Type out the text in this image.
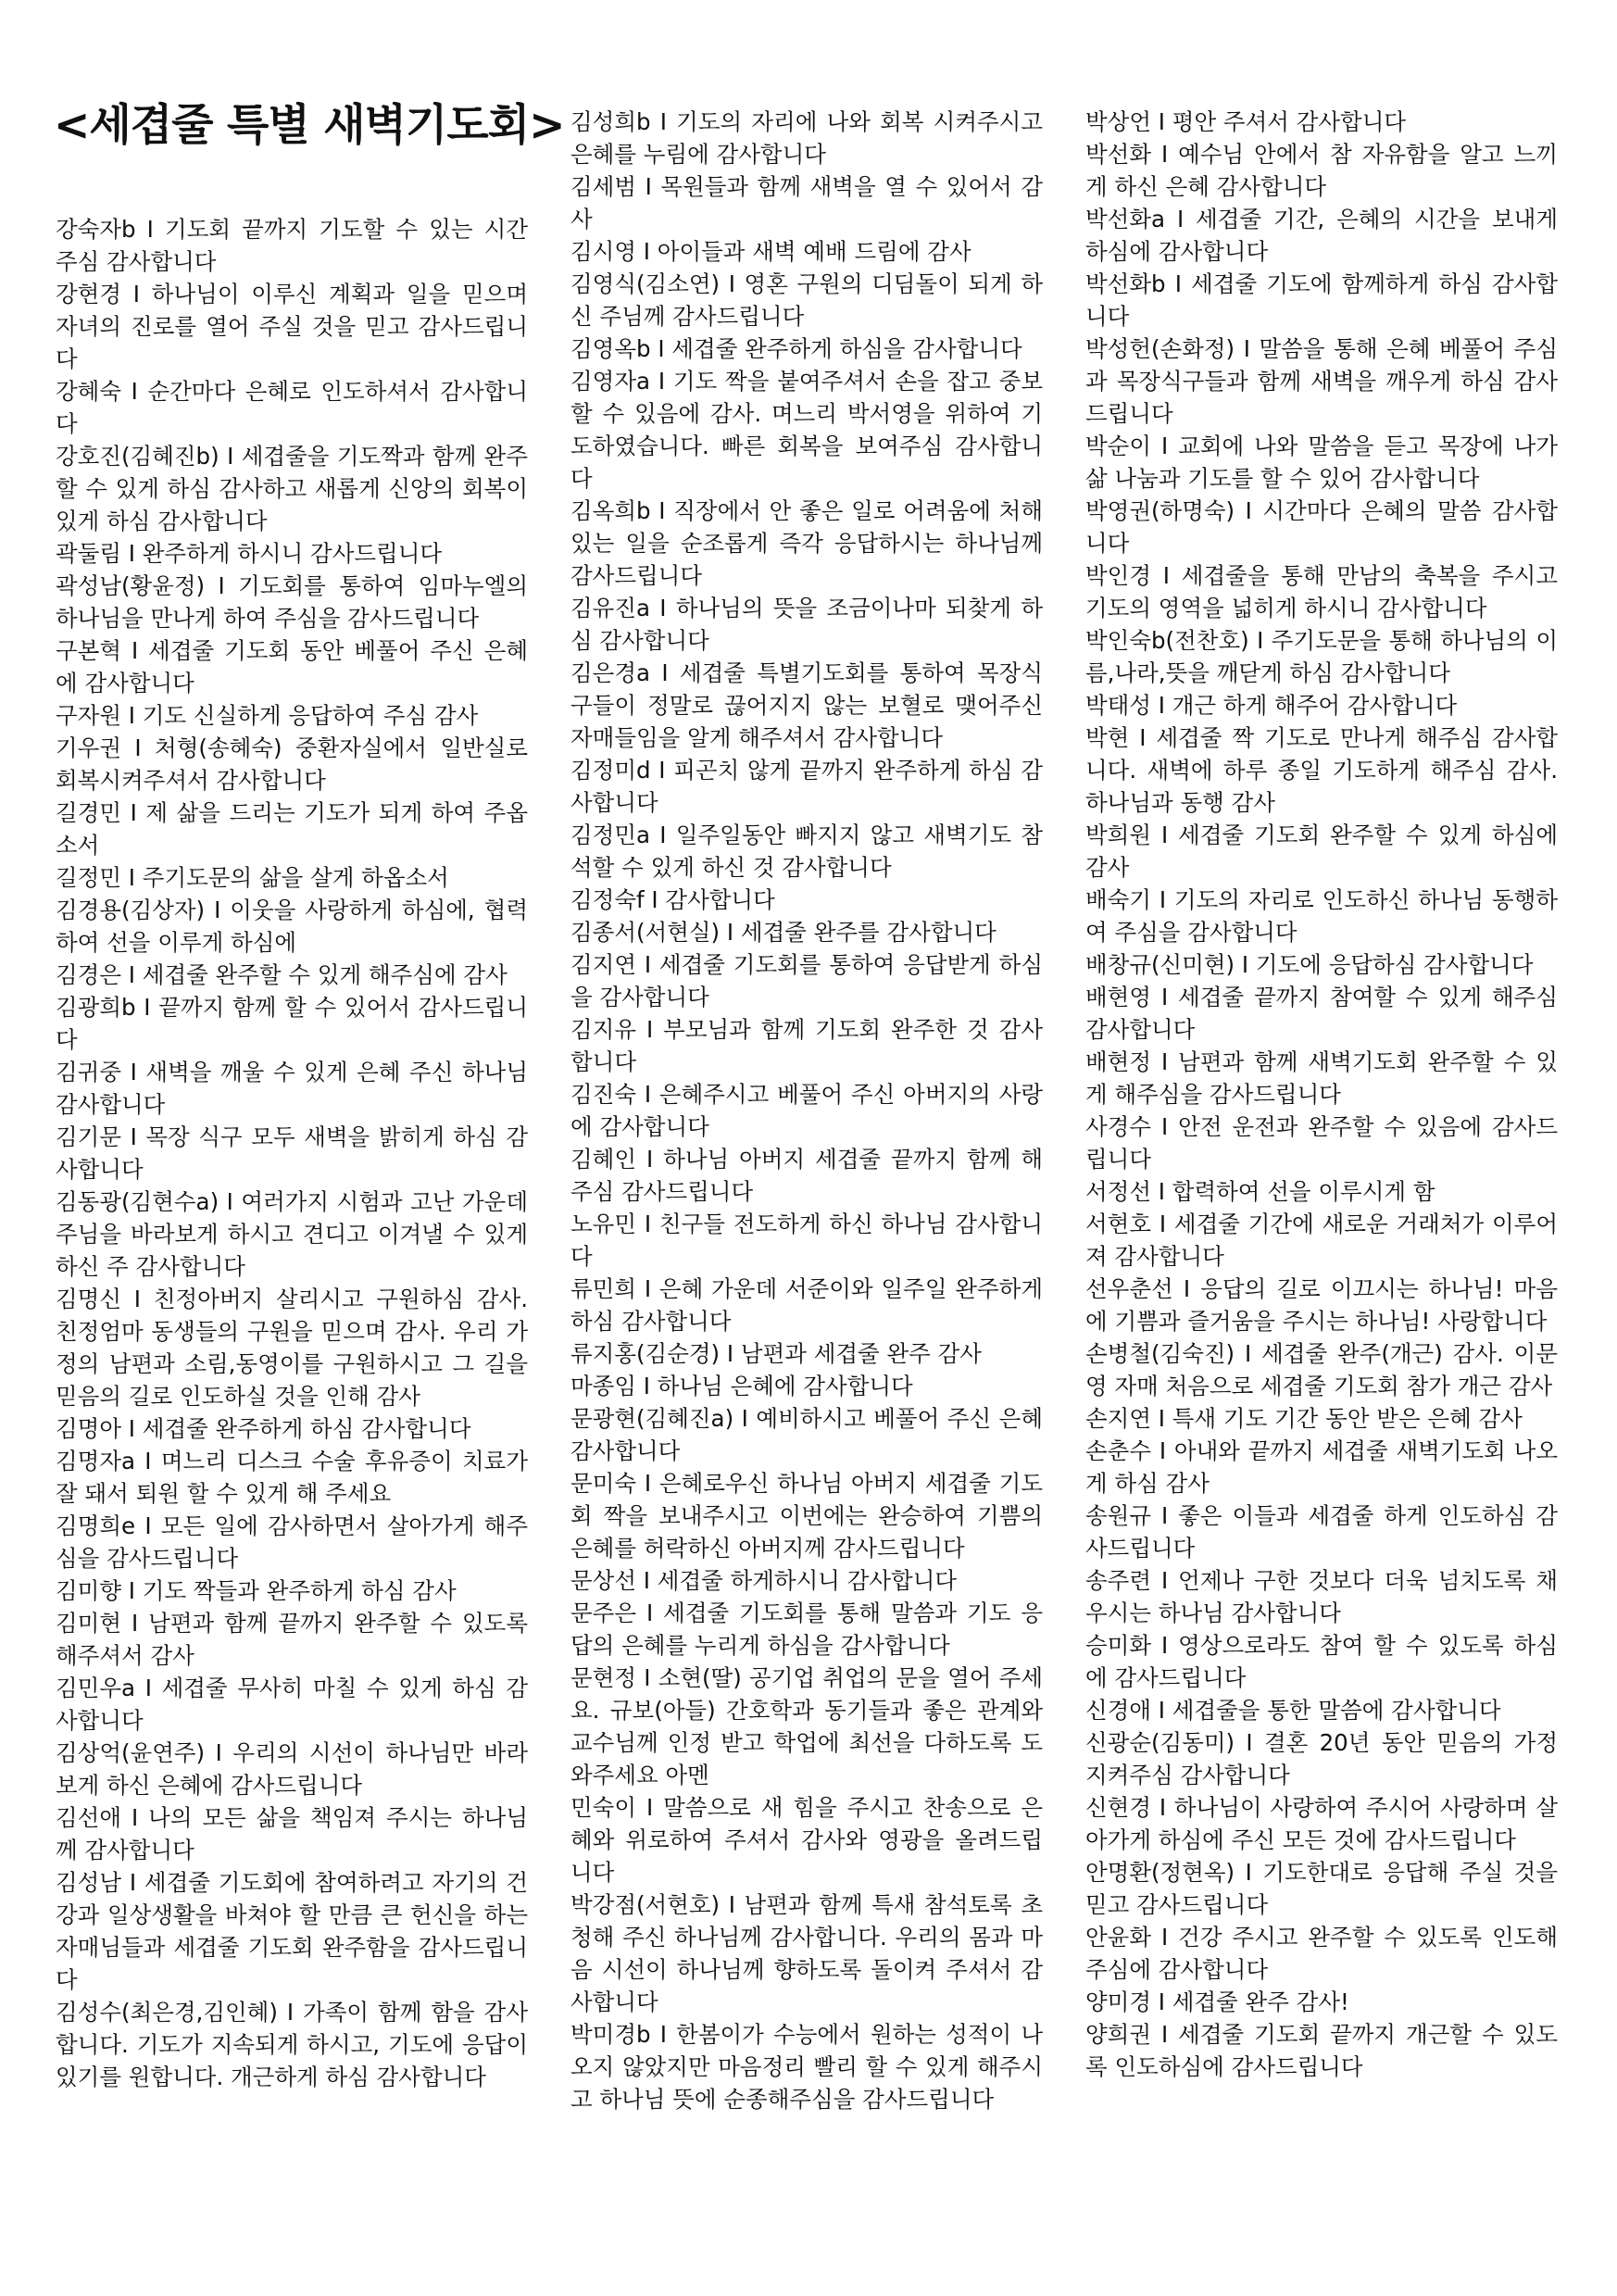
<세겹줄 특별 새벽기도회>

강숙자b I 기도회 끝까지 기도할 수 있는 시간 주심 감사합니다

강현경 I 하나님이 이루신 계획과 일을 믿으며 자녀의 진로를 열어 주실 것을 믿고 감사드립니다

강혜숙 I 순간마다 은혜로 인도하셔서 감사합니다

강호진(김혜진b) I 세겹줄을 기도짝과 함께 완주할 수 있게 하심 감사하고 새롭게 신앙의 회복이 있게 하심 감사합니다

곽둘림 I 완주하게 하시니 감사드립니다

곽성남(황윤정) I 기도회를 통하여 임마누엘의 하나님을 만나게 하여 주심을 감사드립니다

구본혁 I 세겹줄 기도회 동안 베풀어 주신 은혜에 감사합니다

구자원 I 기도 신실하게 응답하여 주심 감사

기우권 I 처형(송혜숙) 중환자실에서 일반실로 회복시켜주셔서 감사합니다

길경민 I 제 삶을 드리는 기도가 되게 하여 주옵소서

길정민 I 주기도문의 삶을 살게 하옵소서

김경용(김상자) I 이웃을 사랑하게 하심에, 협력하여 선을 이루게 하심에

김경은 I 세겹줄 완주할 수 있게 해주심에 감사

김광희b I 끝까지 함께 할 수 있어서 감사드립니다

김귀중 I 새벽을 깨울 수 있게 은혜 주신 하나님 감사합니다

김기문 I 목장 식구 모두 새벽을 밝히게 하심 감사합니다

김동광(김현수a) I 여러가지 시험과 고난 가운데 주님을 바라보게 하시고 견디고 이겨낼 수 있게 하신 주 감사합니다

김명신 I 친정아버지 살리시고 구원하심 감사. 친정엄마 동생들의 구원을 믿으며 감사. 우리 가정의 남편과 소림,동영이를 구원하시고 그 길을 믿음의 길로 인도하실 것을 인해 감사

김명아 I 세겹줄 완주하게 하심 감사합니다

김명자a I 며느리 디스크 수술 후유증이 치료가 잘 돼서 퇴원 할 수 있게 해 주세요

김명희e I 모든 일에 감사하면서 살아가게 해주심을 감사드립니다

김미향 I 기도 짝들과 완주하게 하심 감사

김미현 I 남편과 함께 끝까지 완주할 수 있도록 해주셔서 감사

김민우a I 세겹줄 무사히 마칠 수 있게 하심 감사합니다

김상억(윤연주) I 우리의 시선이 하나님만 바라보게 하신 은혜에 감사드립니다

김선애 I 나의 모든 삶을 책임져 주시는 하나님께 감사합니다

김성남 I 세겹줄 기도회에 참여하려고 자기의 건강과 일상생활을 바쳐야 할 만큼 큰 헌신을 하는 자매님들과 세겹줄 기도회 완주함을 감사드립니다

김성수(최은경,김인혜) I 가족이 함께 함을 감사합니다. 기도가 지속되게 하시고, 기도에 응답이 있기를 원합니다. 개근하게 하심 감사합니다

김성희b I 기도의 자리에 나와 회복 시켜주시고 은혜를 누림에 감사합니다

김세범 I 목원들과 함께 새벽을 열 수 있어서 감사

김시영 I 아이들과 새벽 예배 드림에 감사

김영식(김소연) I 영혼 구원의 디딤돌이 되게 하신 주님께 감사드립니다

김영옥b I 세겹줄 완주하게 하심을 감사합니다

김영자a I 기도 짝을 붙여주셔서 손을 잡고 중보 할 수 있음에 감사. 며느리 박서영을 위하여 기도하였습니다. 빠른 회복을 보여주심 감사합니다

김옥희b I 직장에서 안 좋은 일로 어려움에 처해 있는 일을 순조롭게 즉각 응답하시는 하나님께 감사드립니다

김유진a I 하나님의 뜻을 조금이나마 되찾게 하심 감사합니다

김은경a I 세겹줄 특별기도회를 통하여 목장식구들이 정말로 끊어지지 않는 보혈로 맺어주신 자매들임을 알게 해주셔서 감사합니다

김정미d I 피곤치 않게 끝까지 완주하게 하심 감사합니다

김정민a I 일주일동안 빠지지 않고 새벽기도 참석할 수 있게 하신 것 감사합니다

김정숙f I 감사합니다

김종서(서현실) I 세겹줄 완주를 감사합니다

김지연 I 세겹줄 기도회를 통하여 응답받게 하심을 감사합니다

김지유 I 부모님과 함께 기도회 완주한 것 감사합니다

김진숙 I 은혜주시고 베풀어 주신 아버지의 사랑에 감사합니다

김혜인 I 하나님 아버지 세겹줄 끝까지 함께 해주심 감사드립니다

노유민 I 친구들 전도하게 하신 하나님 감사합니다

류민희 I 은혜 가운데 서준이와 일주일 완주하게 하심 감사합니다

류지홍(김순경) I 남편과 세겹줄 완주 감사

마종임 I 하나님 은혜에 감사합니다

문광현(김혜진a) I 예비하시고 베풀어 주신 은혜 감사합니다

문미숙 I 은혜로우신 하나님 아버지 세겹줄 기도회 짝을 보내주시고 이번에는 완승하여 기쁨의 은혜를 허락하신 아버지께 감사드립니다

문상선 I 세겹줄 하게하시니 감사합니다

문주은 I 세겹줄 기도회를 통해 말씀과 기도 응답의 은혜를 누리게 하심을 감사합니다

문현정 I 소현(딸) 공기업 취업의 문을 열어 주세요. 규보(아들) 간호학과 동기들과 좋은 관계와 교수님께 인정 받고 학업에 최선을 다하도록 도와주세요 아멘

민숙이 I 말씀으로 새 힘을 주시고 찬송으로 은혜와 위로하여 주셔서 감사와 영광을 올려드립니다

박강점(서현호) I 남편과 함께 특새 참석토록 초청해 주신 하나님께 감사합니다. 우리의 몸과 마음 시선이 하나님께 향하도록 돌이켜 주셔서 감사합니다

박미경b I 한봄이가 수능에서 원하는 성적이 나오지 않았지만 마음정리 빨리 할 수 있게 해주시고 하나님 뜻에 순종해주심을 감사드립니다

박상언 I 평안 주셔서 감사합니다

박선화 I 예수님 안에서 참 자유함을 알고 느끼게 하신 은혜 감사합니다

박선화a I 세겹줄 기간, 은혜의 시간을 보내게 하심에 감사합니다

박선화b I 세겹줄 기도에 함께하게 하심 감사합니다

박성헌(손화정) I 말씀을 통해 은혜 베풀어 주심과 목장식구들과 함께 새벽을 깨우게 하심 감사드립니다

박순이 I 교회에 나와 말씀을 듣고 목장에 나가 삶 나눔과 기도를 할 수 있어 감사합니다

박영권(하명숙) I 시간마다 은혜의 말씀 감사합니다

박인경 I 세겹줄을 통해 만남의 축복을 주시고 기도의 영역을 넓히게 하시니 감사합니다

박인숙b(전찬호) I 주기도문을 통해 하나님의 이름,나라,뜻을 깨닫게 하심 감사합니다

박태성 I 개근 하게 해주어 감사합니다

박현 I 세겹줄 짝 기도로 만나게 해주심 감사합니다. 새벽에 하루 종일 기도하게 해주심 감사. 하나님과 동행 감사

박희원 I 세겹줄 기도회 완주할 수 있게 하심에 감사

배숙기 I 기도의 자리로 인도하신 하나님 동행하여 주심을 감사합니다

배창규(신미현) I 기도에 응답하심 감사합니다

배현영 I 세겹줄 끝까지 참여할 수 있게 해주심 감사합니다

배현정 I 남편과 함께 새벽기도회 완주할 수 있게 해주심을 감사드립니다

사경수 I 안전 운전과 완주할 수 있음에 감사드립니다

서정선 I 합력하여 선을 이루시게 함

서현호 I 세겹줄 기간에 새로운 거래처가 이루어져 감사합니다

선우춘선 I 응답의 길로 이끄시는 하나님! 마음에 기쁨과 즐거움을 주시는 하나님! 사랑합니다

손병철(김숙진) I 세겹줄 완주(개근) 감사. 이문영 자매 처음으로 세겹줄 기도회 참가 개근 감사

손지연 I 특새 기도 기간 동안 받은 은혜 감사

손춘수 I 아내와 끝까지 세겹줄 새벽기도회 나오게 하심 감사

송원규 I 좋은 이들과 세겹줄 하게 인도하심 감사드립니다

송주련 I 언제나 구한 것보다 더욱 넘치도록 채우시는 하나님 감사합니다

승미화 I 영상으로라도 참여 할 수 있도록 하심에 감사드립니다

신경애 I 세겹줄을 통한 말씀에 감사합니다

신광순(김동미) I 결혼 20년 동안 믿음의 가정 지켜주심 감사합니다

신현경 I 하나님이 사랑하여 주시어 사랑하며 살아가게 하심에 주신 모든 것에 감사드립니다

안명환(정현옥) I 기도한대로 응답해 주실 것을 믿고 감사드립니다

안윤화 I 건강 주시고 완주할 수 있도록 인도해 주심에 감사합니다

양미경 I 세겹줄 완주 감사!

양희권 I 세겹줄 기도회 끝까지 개근할 수 있도록 인도하심에 감사드립니다
